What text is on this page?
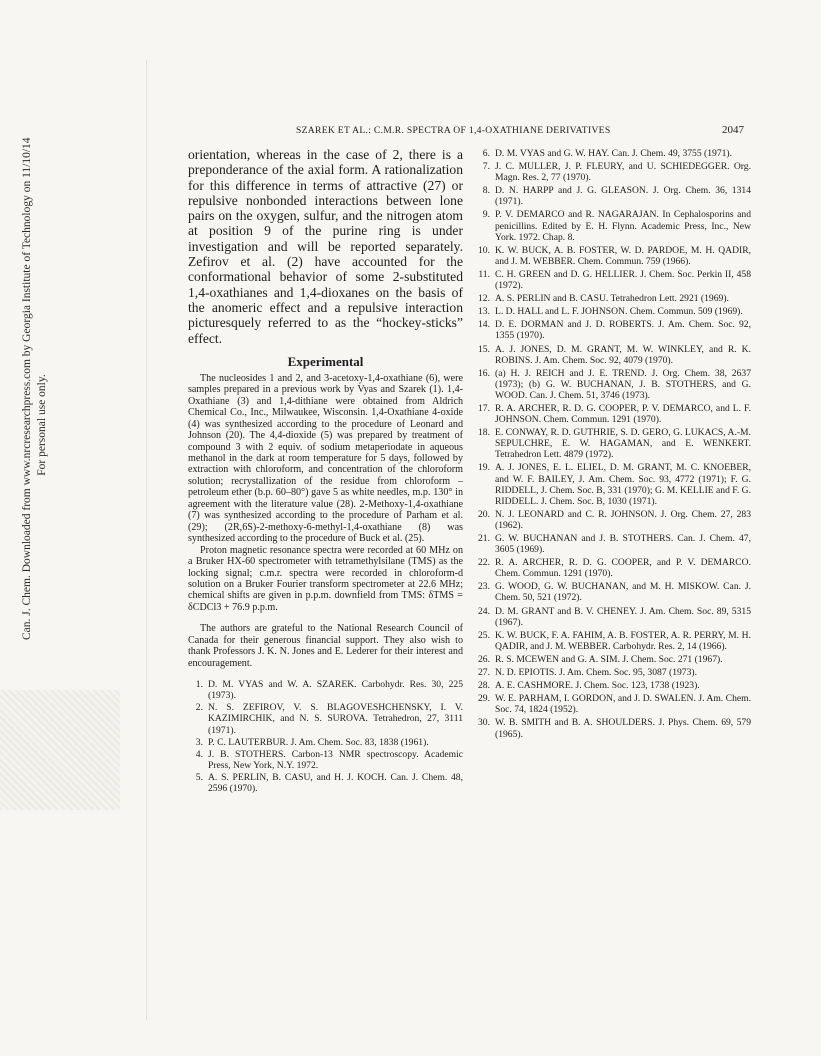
Can. J. Chem. Downloaded from www.nrcresearchpress.com by Georgia Institute of Technology on 11/10/14 For personal use only.
SZAREK ET AL.: C.M.R. SPECTRA OF 1,4-OXATHIANE DERIVATIVES	2047

orientation, whereas in the case of 2, there is a preponderance of the axial form. A rationalization for this difference in terms of attractive (27) or repulsive nonbonded interactions between lone pairs on the oxygen, sulfur, and the nitrogen atom at position 9 of the purine ring is under investigation and will be reported separately. Zefirov et al. (2) have accounted for the conformational behavior of some 2-substituted 1,4-oxathianes and 1,4-dioxanes on the basis of the anomeric effect and a repulsive interaction picturesquely referred to as the “hockey-sticks” effect.

Experimental

The nucleosides 1 and 2, and 3-acetoxy-1,4-oxathiane (6), were samples prepared in a previous work by Vyas and Szarek (1). 1,4-Oxathiane (3) and 1,4-dithiane were obtained from Aldrich Chemical Co., Inc., Milwaukee, Wisconsin. 1,4-Oxathiane 4-oxide (4) was synthesized according to the procedure of Leonard and Johnson (20). The 4,4-dioxide (5) was prepared by treatment of compound 3 with 2 equiv. of sodium metaperiodate in aqueous methanol in the dark at room temperature for 5 days, followed by extraction with chloroform, and concentration of the chloroform solution; recrystallization of the residue from chloroform – petroleum ether (b.p. 60–80°) gave 5 as white needles, m.p. 130° in agreement with the literature value (28). 2-Methoxy-1,4-oxathiane (7) was synthesized according to the procedure of Parham et al. (29); (2R,6S)-2-methoxy-6-methyl-1,4-oxathiane (8) was synthesized according to the procedure of Buck et al. (25).

Proton magnetic resonance spectra were recorded at 60 MHz on a Bruker HX-60 spectrometer with tetramethylsilane (TMS) as the locking signal; c.m.r. spectra were recorded in chloroform-d solution on a Bruker Fourier transform spectrometer at 22.6 MHz; chemical shifts are given in p.p.m. downfield from TMS: δTMS = δCDCl3 + 76.9 p.p.m.

The authors are grateful to the National Research Council of Canada for their generous financial support. They also wish to thank Professors J. K. N. Jones and E. Lederer for their interest and encouragement.

1. D. M. VYAS and W. A. SZAREK. Carbohydr. Res. 30, 225 (1973).
2. N. S. ZEFIROV, V. S. BLAGOVESHCHENSKY, I. V. KAZIMIRCHIK, and N. S. SUROVA. Tetrahedron, 27, 3111 (1971).
3. P. C. LAUTERBUR. J. Am. Chem. Soc. 83, 1838 (1961).
4. J. B. STOTHERS. Carbon-13 NMR spectroscopy. Academic Press, New York, N.Y. 1972.
5. A. S. PERLIN, B. CASU, and H. J. KOCH. Can. J. Chem. 48, 2596 (1970).
6. D. M. VYAS and G. W. HAY. Can. J. Chem. 49, 3755 (1971).
7. J. C. MULLER, J. P. FLEURY, and U. SCHIEDEGGER. Org. Magn. Res. 2, 77 (1970).
8. D. N. HARPP and J. G. GLEASON. J. Org. Chem. 36, 1314 (1971).
9. P. V. DEMARCO and R. NAGARAJAN. In Cephalosporins and penicillins. Edited by E. H. Flynn. Academic Press, Inc., New York. 1972. Chap. 8.
10. K. W. BUCK, A. B. FOSTER, W. D. PARDOE, M. H. QADIR, and J. M. WEBBER. Chem. Commun. 759 (1966).
11. C. H. GREEN and D. G. HELLIER. J. Chem. Soc. Perkin II, 458 (1972).
12. A. S. PERLIN and B. CASU. Tetrahedron Lett. 2921 (1969).
13. L. D. HALL and L. F. JOHNSON. Chem. Commun. 509 (1969).
14. D. E. DORMAN and J. D. ROBERTS. J. Am. Chem. Soc. 92, 1355 (1970).
15. A. J. JONES, D. M. GRANT, M. W. WINKLEY, and R. K. ROBINS. J. Am. Chem. Soc. 92, 4079 (1970).
16. (a) H. J. REICH and J. E. TREND. J. Org. Chem. 38, 2637 (1973); (b) G. W. BUCHANAN, J. B. STOTHERS, and G. WOOD. Can. J. Chem. 51, 3746 (1973).
17. R. A. ARCHER, R. D. G. COOPER, P. V. DEMARCO, and L. F. JOHNSON. Chem. Commun. 1291 (1970).
18. E. CONWAY, R. D. GUTHRIE, S. D. GERO, G. LUKACS, A.-M. SEPULCHRE, E. W. HAGAMAN, and E. WENKERT. Tetrahedron Lett. 4879 (1972).
19. A. J. JONES, E. L. ELIEL, D. M. GRANT, M. C. KNOEBER, and W. F. BAILEY, J. Am. Chem. Soc. 93, 4772 (1971); F. G. RIDDELL, J. Chem. Soc. B, 331 (1970); G. M. KELLIE and F. G. RIDDELL. J. Chem. Soc. B, 1030 (1971).
20. N. J. LEONARD and C. R. JOHNSON. J. Org. Chem. 27, 283 (1962).
21. G. W. BUCHANAN and J. B. STOTHERS. Can. J. Chem. 47, 3605 (1969).
22. R. A. ARCHER, R. D. G. COOPER, and P. V. DEMARCO. Chem. Commun. 1291 (1970).
23. G. WOOD, G. W. BUCHANAN, and M. H. MISKOW. Can. J. Chem. 50, 521 (1972).
24. D. M. GRANT and B. V. CHENEY. J. Am. Chem. Soc. 89, 5315 (1967).
25. K. W. BUCK, F. A. FAHIM, A. B. FOSTER, A. R. PERRY, M. H. QADIR, and J. M. WEBBER. Carbohydr. Res. 2, 14 (1966).
26. R. S. MCEWEN and G. A. SIM. J. Chem. Soc. 271 (1967).
27. N. D. EPIOTIS. J. Am. Chem. Soc. 95, 3087 (1973).
28. A. E. CASHMORE. J. Chem. Soc. 123, 1738 (1923).
29. W. E. PARHAM, I. GORDON, and J. D. SWALEN. J. Am. Chem. Soc. 74, 1824 (1952).
30. W. B. SMITH and B. A. SHOULDERS. J. Phys. Chem. 69, 579 (1965).
